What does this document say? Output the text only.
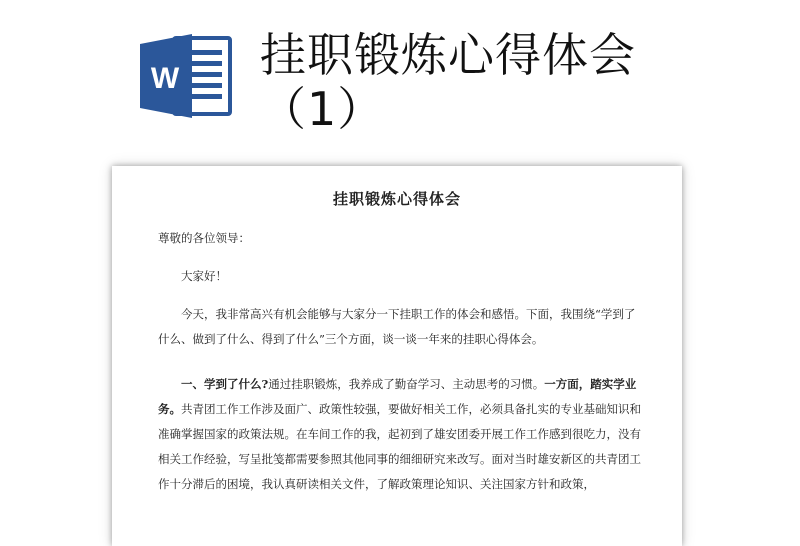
W 挂职锻炼心得体会（1）
挂职锻炼心得体会

尊敬的各位领导：

大家好！

今天，我非常高兴有机会能够与大家分一下挂职工作的体会和感悟。下面，我围绕“学到了什么、做到了什么、得到了什么”三个方面，谈一谈一年来的挂职心得体会。

一、学到了什么?通过挂职锻炼，我养成了勤奋学习、主动思考的习惯。一方面，踏实学业务。共青团工作工作涉及面广、政策性较强，要做好相关工作，必须具备扎实的专业基础知识和准确掌握国家的政策法规。在车间工作的我，起初到了雄安团委开展工作工作感到很吃力，没有相关工作经验，写呈批笺都需要参照其他同事的细细研究来改写。面对当时雄安新区的共青团工作十分滞后的困境，我认真研读相关文件，了解政策理论知识、关注国家方针和政策，
